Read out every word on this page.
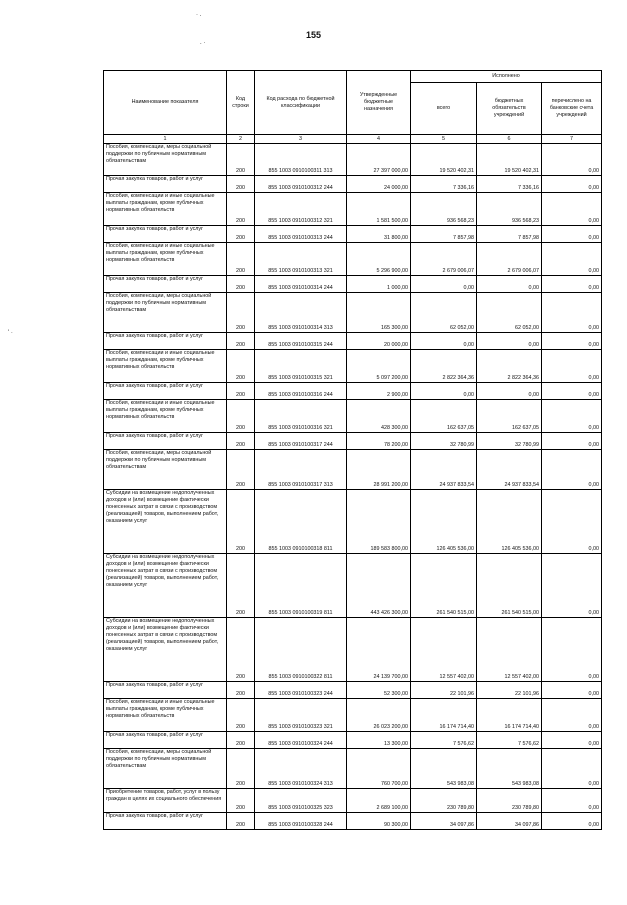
155
· .
. ·
' ·
Наименование показателя	Код строки	Код расхода по бюджетной классификации	Утвержденные бюджетные назначения	Исполнено		
				всего	бюджетных обязательств учреждений	перечислено на банковские счета учреждений
1	2	3	4	5	6	7
Пособия, компенсации, меры социальной поддержки по публичным нормативным обязательствам	200	855 1003 0910100311 313	27 397 000,00	19 520 402,31	19 520 402,31	0,00
Прочая закупка товаров, работ и услуг	200	855 1003 0910100312 244	24 000,00	7 336,16	7 336,16	0,00
Пособия, компенсации и иные социальные выплаты гражданам, кроме публичных нормативных обязательств	200	855 1003 0910100312 321	1 581 500,00	936 568,23	936 568,23	0,00
Прочая закупка товаров, работ и услуг	200	855 1003 0910100313 244	31 800,00	7 857,98	7 857,98	0,00
Пособия, компенсации и иные социальные выплаты гражданам, кроме публичных нормативных обязательств	200	855 1003 0910100313 321	5 296 900,00	2 679 006,07	2 679 006,07	0,00
Прочая закупка товаров, работ и услуг	200	855 1003 0910100314 244	1 000,00	0,00	0,00	0,00
Пособия, компенсации, меры социальной поддержки по публичным нормативным обязательствам	200	855 1003 0910100314 313	165 300,00	62 052,00	62 052,00	0,00
Прочая закупка товаров, работ и услуг	200	855 1003 0910100315 244	20 000,00	0,00	0,00	0,00
Пособия, компенсации и иные социальные выплаты гражданам, кроме публичных нормативных обязательств	200	855 1003 0910100315 321	5 097 200,00	2 822 364,36	2 822 364,36	0,00
Прочая закупка товаров, работ и услуг	200	855 1003 0910100316 244	2 900,00	0,00	0,00	0,00
Пособия, компенсации и иные социальные выплаты гражданам, кроме публичных нормативных обязательств	200	855 1003 0910100316 321	428 300,00	162 637,05	162 637,05	0,00
Прочая закупка товаров, работ и услуг	200	855 1003 0910100317 244	78 200,00	32 780,99	32 780,99	0,00
Пособия, компенсации, меры социальной поддержки по публичным нормативным обязательствам	200	855 1003 0910100317 313	28 991 200,00	24 937 833,54	24 937 833,54	0,00
Субсидии на возмещение недополученных доходов и (или) возмещение фактически понесенных затрат в связи с производством (реализацией) товаров, выполнением работ, оказанием услуг	200	855 1003 0910100318 811	189 583 800,00	126 405 536,00	126 405 536,00	0,00
Субсидии на возмещение недополученных доходов и (или) возмещение фактически понесенных затрат в связи с производством (реализацией) товаров, выполнением работ, оказанием услуг	200	855 1003 0910100319 811	443 426 300,00	261 540 515,00	261 540 515,00	0,00
Субсидии на возмещение недополученных доходов и (или) возмещение фактически понесенных затрат в связи с производством (реализацией) товаров, выполнением работ, оказанием услуг	200	855 1003 0910100322 811	24 139 700,00	12 557 402,00	12 557 402,00	0,00
Прочая закупка товаров, работ и услуг	200	855 1003 0910100323 244	52 300,00	22 101,96	22 101,96	0,00
Пособия, компенсации и иные социальные выплаты гражданам, кроме публичных нормативных обязательств	200	855 1003 0910100323 321	26 023 200,00	16 174 714,40	16 174 714,40	0,00
Прочая закупка товаров, работ и услуг	200	855 1003 0910100324 244	13 300,00	7 576,62	7 576,62	0,00
Пособия, компенсации, меры социальной поддержки по публичным нормативным обязательствам	200	855 1003 0910100324 313	760 700,00	543 983,08	543 983,08	0,00
Приобретение товаров, работ, услуг в пользу граждан в целях их социального обеспечения	200	855 1003 0910100325 323	2 689 100,00	230 789,80	230 789,80	0,00
Прочая закупка товаров, работ и услуг	200	855 1003 0910100328 244	90 300,00	34 097,86	34 097,86	0,00
